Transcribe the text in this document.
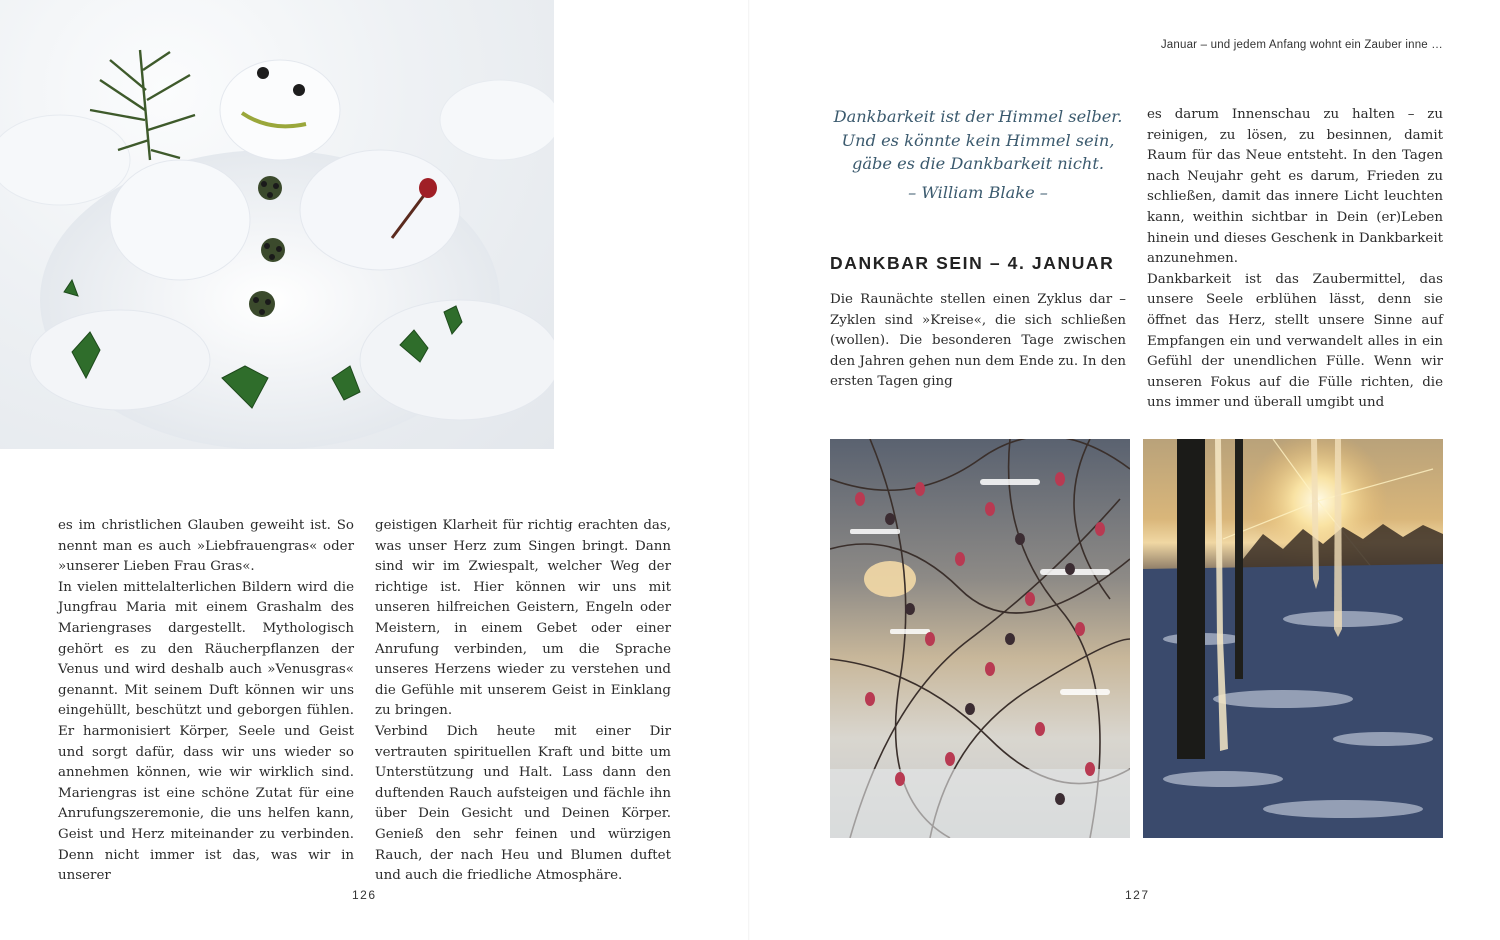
es im christlichen Glauben geweiht ist. So nennt man es auch »Liebfrauengras« oder »unserer Lieben Frau Gras«.

In vielen mittelalterlichen Bildern wird die Jungfrau Maria mit einem Grashalm des Mariengrases dargestellt. Mythologisch gehört es zu den Räucherpflanzen der Venus und wird deshalb auch »Venusgras« genannt. Mit seinem Duft können wir uns eingehüllt, beschützt und geborgen fühlen. Er harmonisiert Körper, Seele und Geist und sorgt dafür, dass wir uns wieder so annehmen können, wie wir wirklich sind. Mariengras ist eine schöne Zutat für eine Anrufungszeremonie, die uns helfen kann, Geist und Herz miteinander zu verbinden. Denn nicht immer ist das, was wir in unserer

geistigen Klarheit für richtig erachten das, was unser Herz zum Singen bringt. Dann sind wir im Zwiespalt, welcher Weg der richtige ist. Hier können wir uns mit unseren hilfreichen Geistern, Engeln oder Meistern, in einem Gebet oder einer Anrufung verbinden, um die Sprache unseres Herzens wieder zu verstehen und die Gefühle mit unserem Geist in Einklang zu bringen.

Verbind Dich heute mit einer Dir vertrauten spirituellen Kraft und bitte um Unterstützung und Halt. Lass dann den duftenden Rauch aufsteigen und fächle ihn über Dein Gesicht und Deinen Körper. Genieß den sehr feinen und würzigen Rauch, der nach Heu und Blumen duftet und auch die friedliche Atmosphäre.

126
Januar – und jedem Anfang wohnt ein Zauber inne …

Dankbarkeit ist der Himmel selber.

Und es könnte kein Himmel sein,

gäbe es die Dankbarkeit nicht.

– William Blake –

DANKBAR SEIN – 4. JANUAR

Die Raunächte stellen einen Zyklus dar – Zyklen sind »Kreise«, die sich schließen (wollen). Die besonderen Tage zwischen den Jahren gehen nun dem Ende zu. In den ersten Tagen ging

es darum Innenschau zu halten – zu reinigen, zu lösen, zu besinnen, damit Raum für das Neue entsteht. In den Tagen nach Neujahr geht es darum, Frieden zu schließen, damit das innere Licht leuchten kann, weithin sichtbar in Dein (er)Leben hinein und dieses Geschenk in Dankbarkeit anzunehmen.

Dankbarkeit ist das Zaubermittel, das unsere Seele erblühen lässt, denn sie öffnet das Herz, stellt unsere Sinne auf Empfangen ein und verwandelt alles in ein Gefühl der unendlichen Fülle. Wenn wir unseren Fokus auf die Fülle richten, die uns immer und überall umgibt und

127
